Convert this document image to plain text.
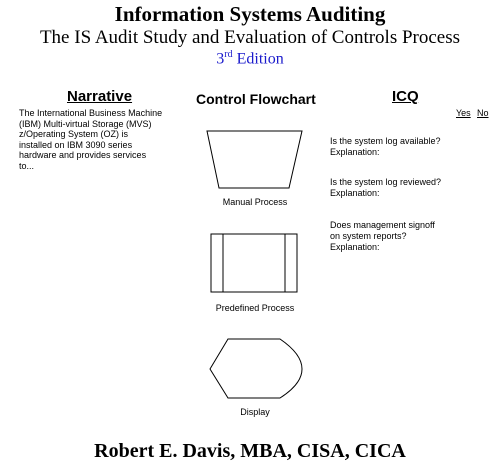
Information Systems Auditing
The IS Audit Study and Evaluation of Controls Process
3rd Edition
Narrative	Control Flowchart	ICQ
The International Business Machine
(IBM) Multi-virtual Storage (MVS)
z/Operating System (OZ) is
installed on IBM 3090 series
hardware and provides services
to...
Yes No
Is the system log available?
Explanation:
Is the system log reviewed?
Explanation:
Does management signoff
on system reports?
Explanation:
Manual Process
Predefined Process
Display
Robert E. Davis, MBA, CISA, CICA
